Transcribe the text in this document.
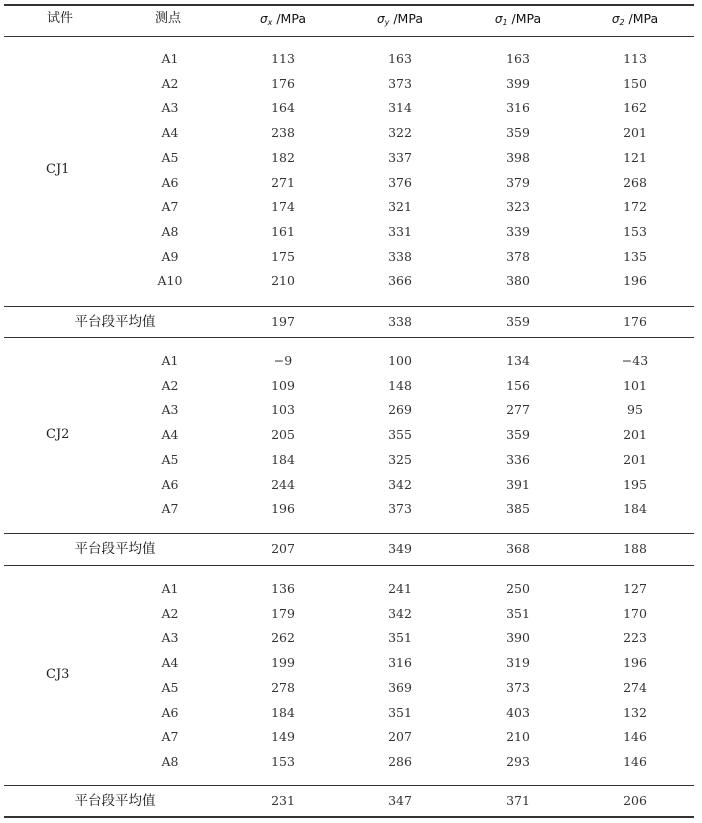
试件	测点	$\sigma_x$ /MPa	$\sigma_y$ /MPa	$\sigma_1$ /MPa	$\sigma_2$ /MPa
CJ1
A1	113	163	163	113
A2	176	373	399	150
A3	164	314	316	162
A4	238	322	359	201
A5	182	337	398	121
A6	271	376	379	268
A7	174	321	323	172
A8	161	331	339	153
A9	175	338	378	135
A10	210	366	380	196
平台段平均值	197	338	359	176
CJ2
A1	−9	100	134	−43
A2	109	148	156	101
A3	103	269	277	95
A4	205	355	359	201
A5	184	325	336	201
A6	244	342	391	195
A7	196	373	385	184
平台段平均值	207	349	368	188
CJ3
A1	136	241	250	127
A2	179	342	351	170
A3	262	351	390	223
A4	199	316	319	196
A5	278	369	373	274
A6	184	351	403	132
A7	149	207	210	146
A8	153	286	293	146
平台段平均值	231	347	371	206
